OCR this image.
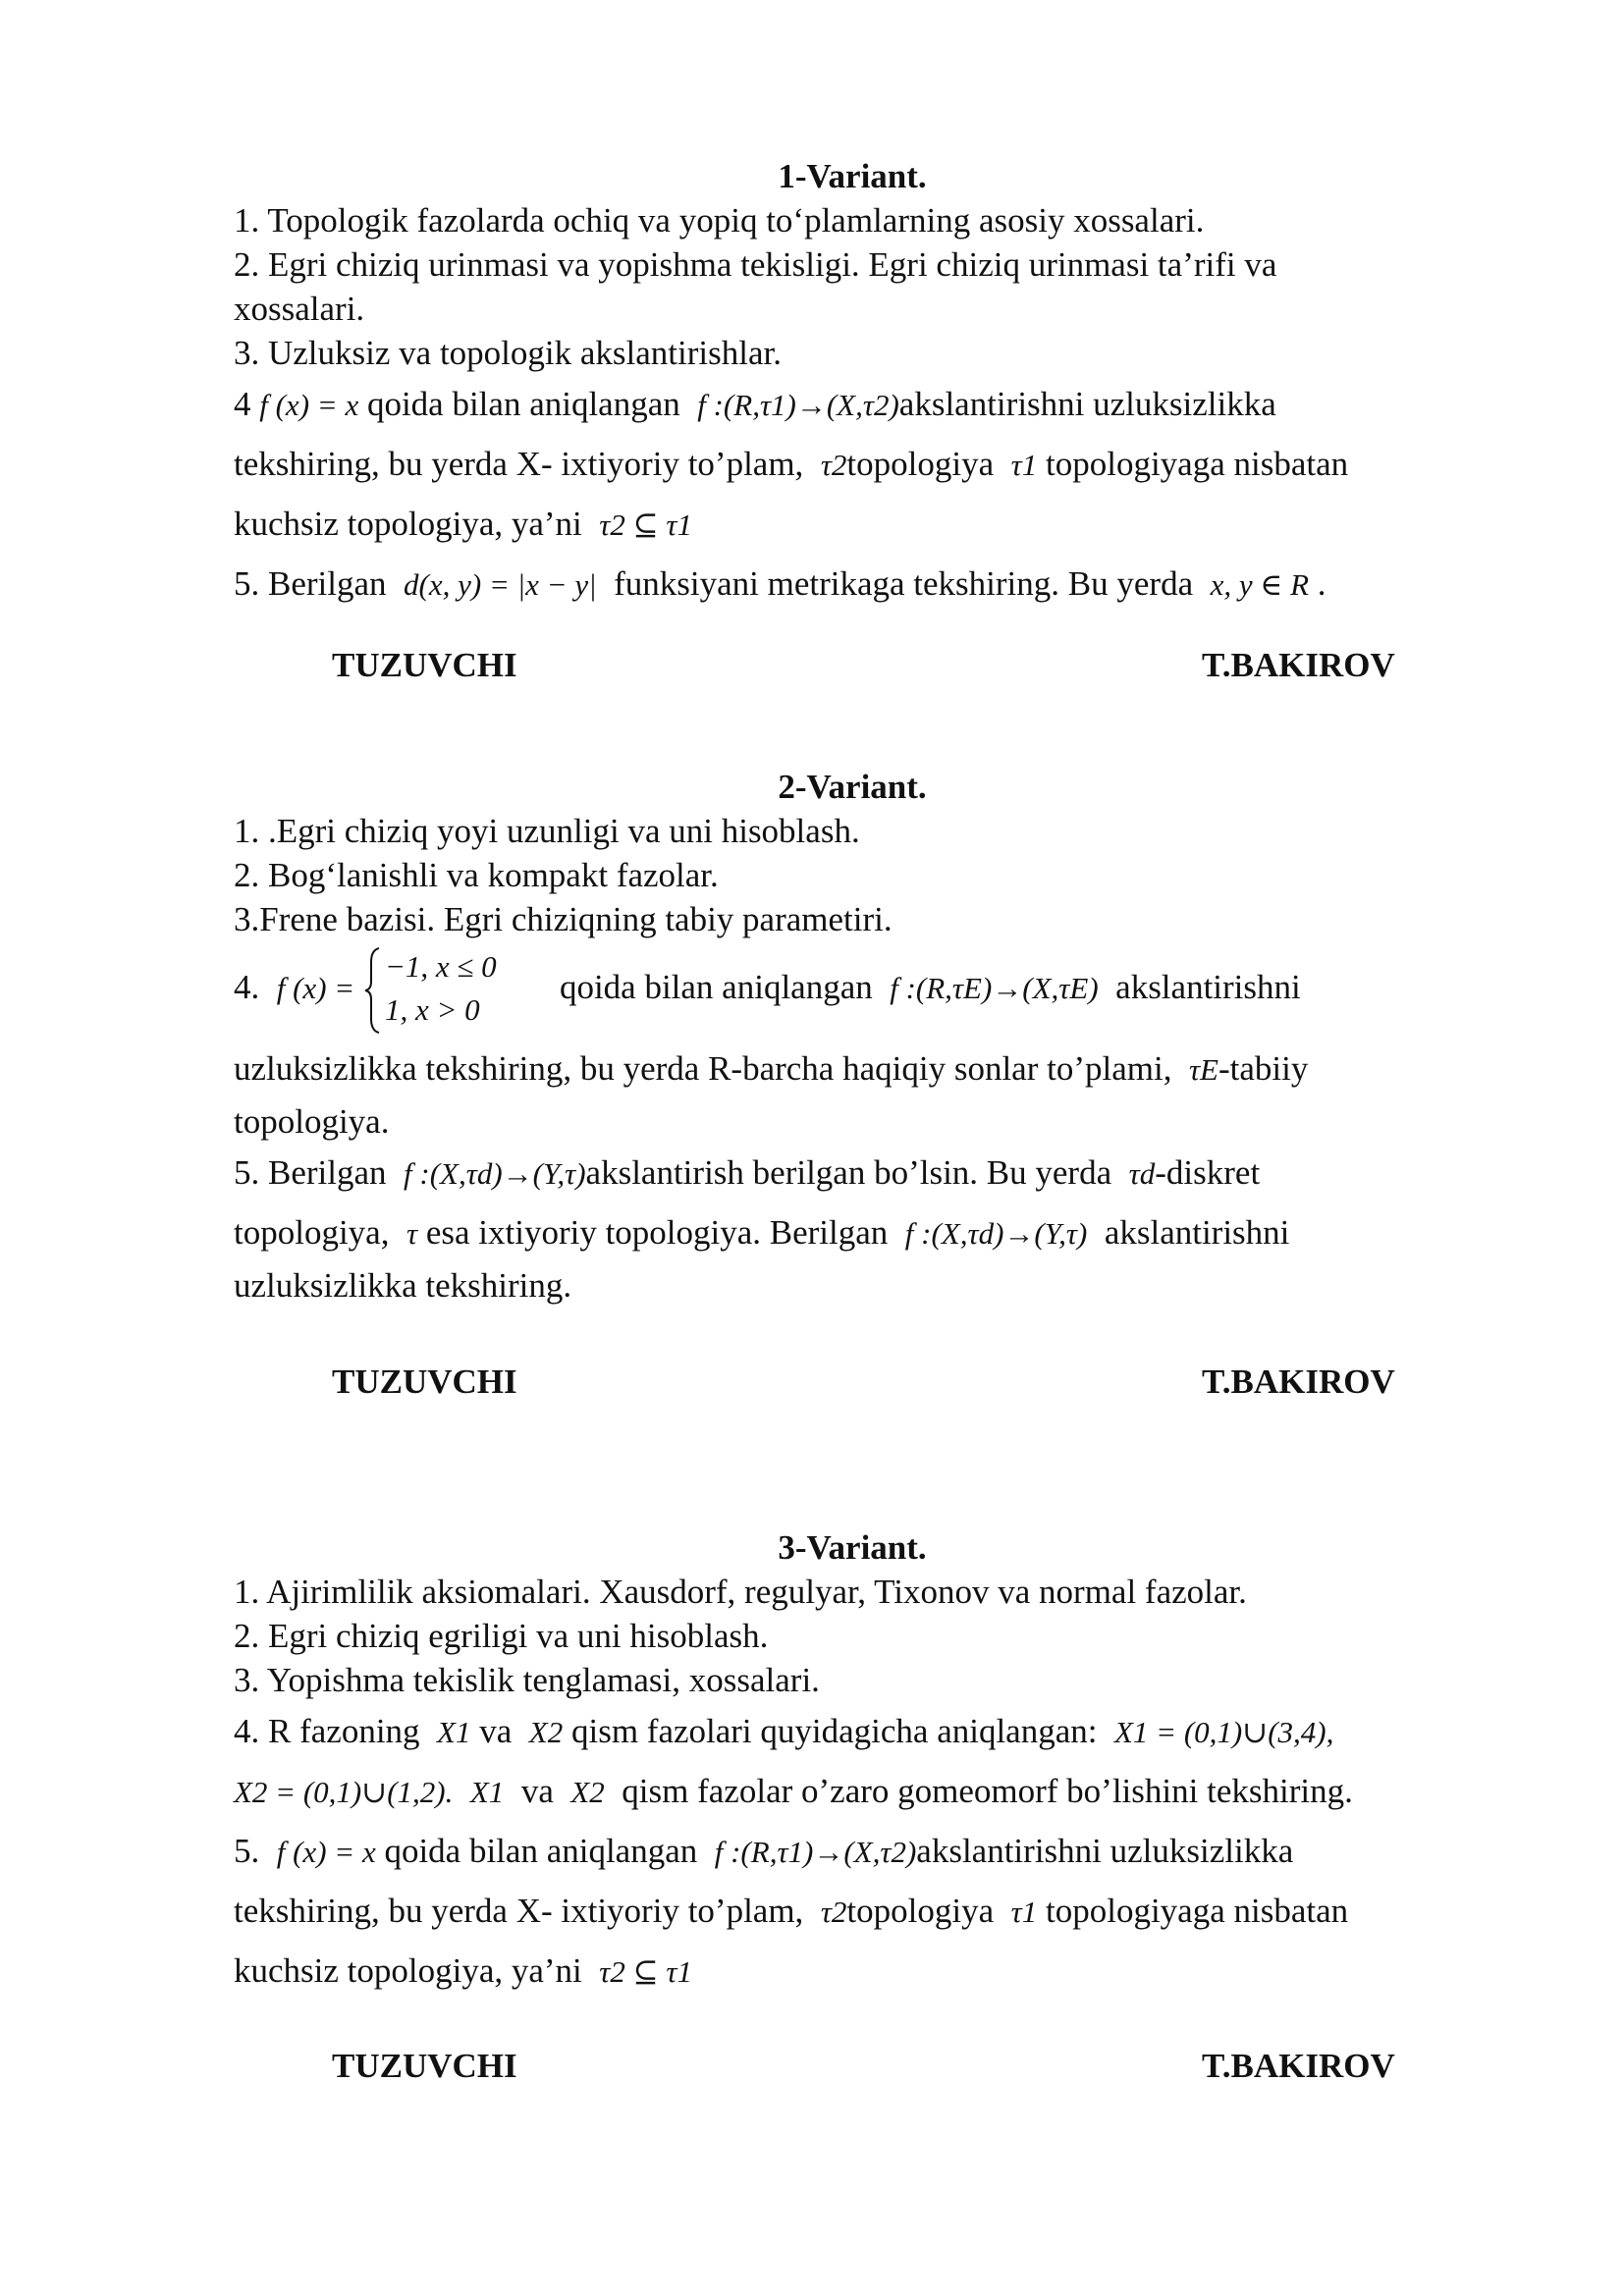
1-Variant.

1. Topologik fazolarda ochiq va yopiq to‘plamlarning asosiy xossalari.

2. Egri chiziq urinmasi va yopishma tekisligi. Egri chiziq urinmasi ta’rifi va

xossalari.

3. Uzluksiz va topologik akslantirishlar.

4 f (x) = x qoida bilan aniqlangan f :(R,τ1)→(X,τ2)akslantirishni uzluksizlikka

tekshiring, bu yerda X- ixtiyoriy to’plam, τ2topologiya τ1 topologiyaga nisbatan

kuchsiz topologiya, ya’ni τ2 ⊆ τ1

5. Berilgan d(x, y) = |x − y| funksiyani metrikaga tekshiring. Bu yerda x, y ∈ R .

TUZUVCHI	T.BAKIROV

2-Variant.

1. .Egri chiziq yoyi uzunligi va uni hisoblash.

2. Bog‘lanishli va kompakt fazolar.

3.Frene bazisi. Egri chiziqning tabiy parametiri.

4. f (x) =
−1, x ≤ 0
1, x > 0
qoida bilan aniqlangan f :(R,τE)→(X,τE) akslantirishni

uzluksizlikka tekshiring, bu yerda R-barcha haqiqiy sonlar to’plami, τE-tabiiy

topologiya.

5. Berilgan f :(X,τd)→(Y,τ)akslantirish berilgan bo’lsin. Bu yerda τd-diskret

topologiya, τ esa ixtiyoriy topologiya. Berilgan f :(X,τd)→(Y,τ) akslantirishni

uzluksizlikka tekshiring.

TUZUVCHI	T.BAKIROV

3-Variant.

1. Ajirimlilik aksiomalari. Xausdorf, regulyar, Tixonov va normal fazolar.

2. Egri chiziq egriligi va uni hisoblash.

3. Yopishma tekislik tenglamasi, xossalari.

4. R fazoning X1 va X2 qism fazolari quyidagicha aniqlangan: X1 = (0,1)∪(3,4),

X2 = (0,1)∪(1,2). X1 va X2 qism fazolar o’zaro gomeomorf bo’lishini tekshiring.

5. f (x) = x qoida bilan aniqlangan f :(R,τ1)→(X,τ2)akslantirishni uzluksizlikka

tekshiring, bu yerda X- ixtiyoriy to’plam, τ2topologiya τ1 topologiyaga nisbatan

kuchsiz topologiya, ya’ni τ2 ⊆ τ1

TUZUVCHI	T.BAKIROV
